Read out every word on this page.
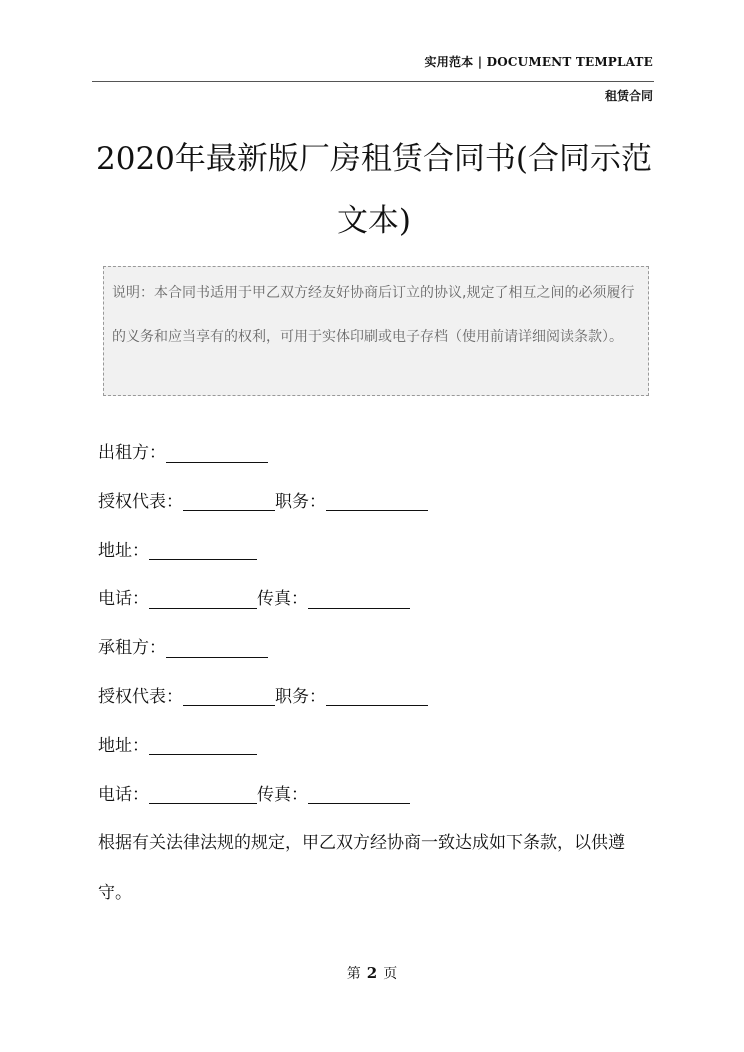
实用范本 | DOCUMENT TEMPLATE
租赁合同
2020年最新版厂房租赁合同书(合同示范文本)
说明：本合同书适用于甲乙双方经友好协商后订立的协议,规定了相互之间的必须履行的义务和应当享有的权利，可用于实体印刷或电子存档（使用前请详细阅读条款）。
出租方：
授权代表：	职务：
地址：
电话：	传真：
承租方：
授权代表：	职务：
地址：
电话：	传真：
根据有关法律法规的规定，甲乙双方经协商一致达成如下条款，以供遵守。
第 2 页
